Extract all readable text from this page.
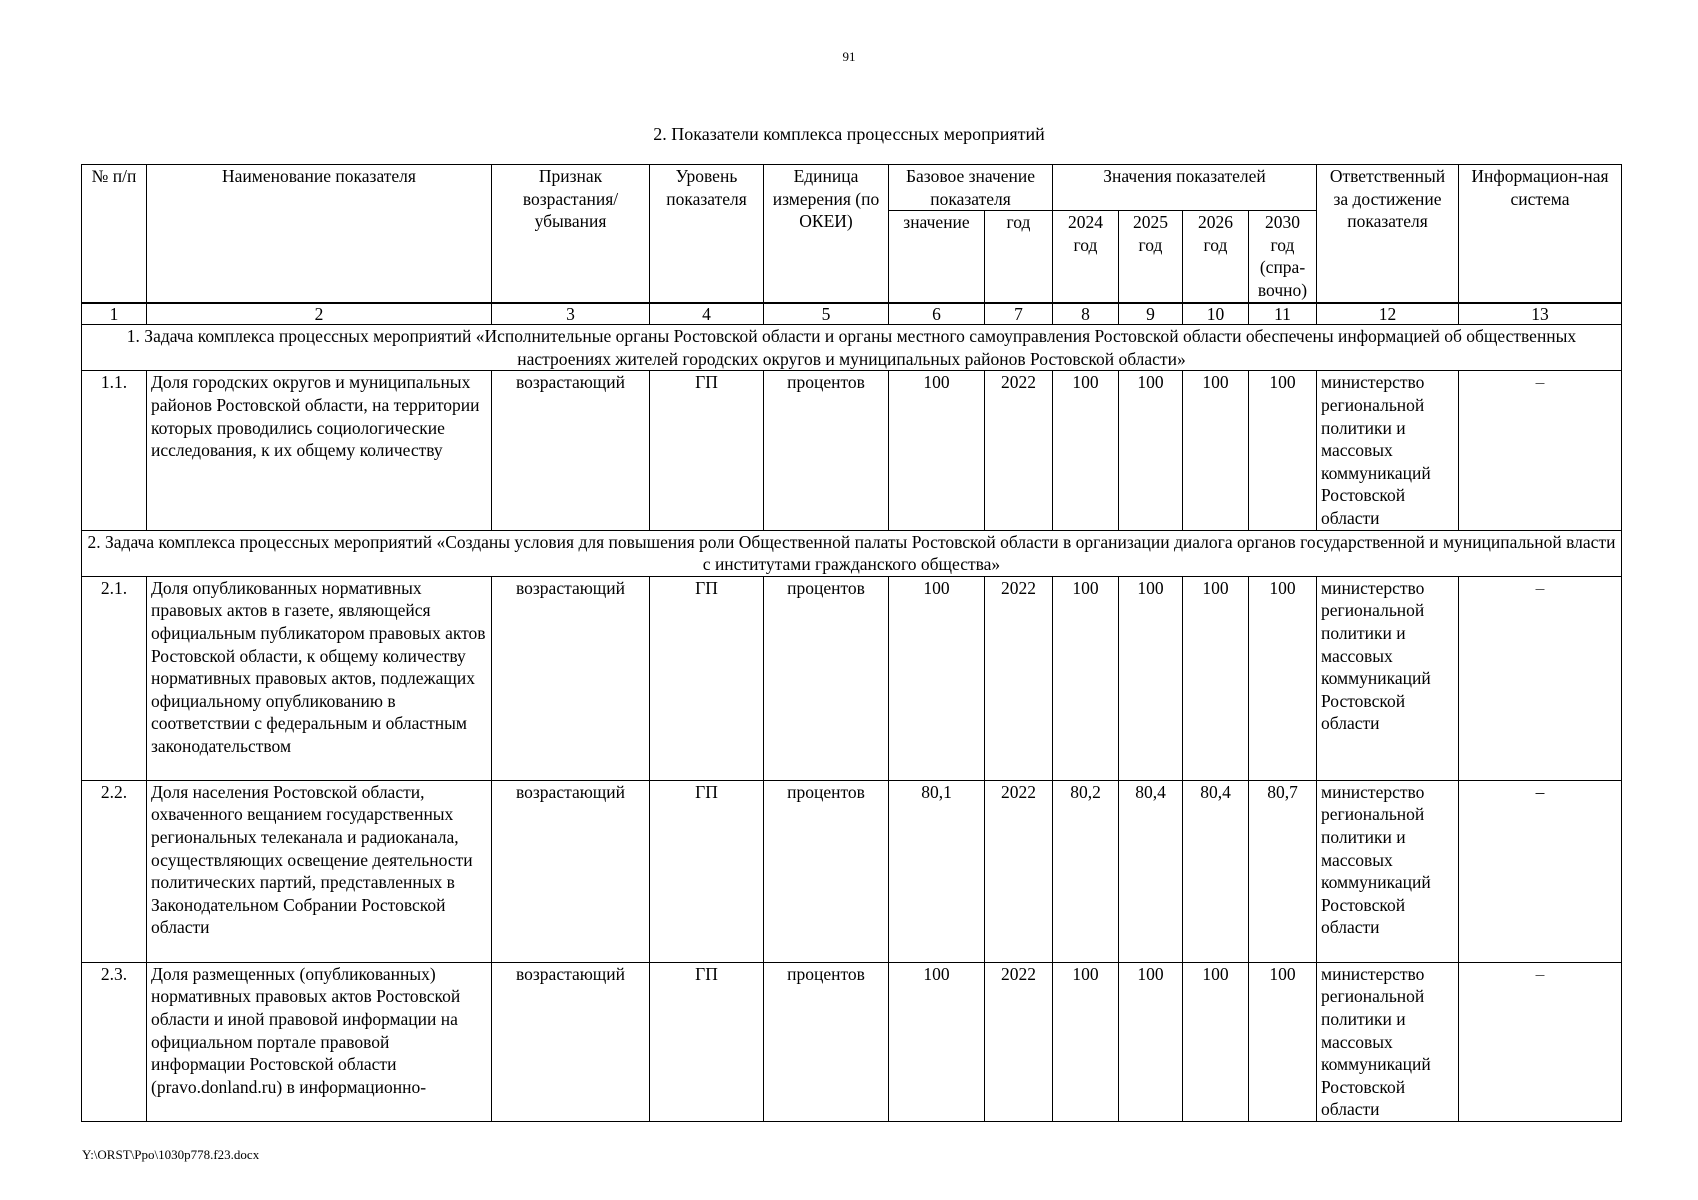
91
2. Показатели комплекса процессных мероприятий
№ п/п	Наименование показателя	Признак возрастания/ убывания	Уровень показателя	Единица измерения (по ОКЕИ)	Базовое значение показателя		Значения показателей				Ответственный за достижение показателя	Информацион-ная система
					значение	год	2024 год	2025 год	2026 год	2030 год (спра-вочно)		
1	2	3	4	5	6	7	8	9	10	11	12	13
1. Задача комплекса процессных мероприятий «Исполнительные органы Ростовской области и органы местного самоуправления Ростовской области обеспечены информацией об общественных настроениях жителей городских округов и муниципальных районов Ростовской области»												
1.1.	Доля городских округов и муниципальных районов Ростовской области, на территории которых проводились социологические исследования, к их общему количеству	возрастающий	ГП	процентов	100	2022	100	100	100	100	министерство региональной политики и массовых коммуникаций Ростовской области	–
2. Задача комплекса процессных мероприятий «Созданы условия для повышения роли Общественной палаты Ростовской области в организации диалога органов государственной и муниципальной власти с институтами гражданского общества»												
2.1.	Доля опубликованных нормативных правовых актов в газете, являющейся официальным публикатором правовых актов Ростовской области, к общему количеству нормативных правовых актов, подлежащих официальному опубликованию в соответствии с федеральным и областным законодательством	возрастающий	ГП	процентов	100	2022	100	100	100	100	министерство региональной политики и массовых коммуникаций Ростовской области	–
2.2.	Доля населения Ростовской области, охваченного вещанием государственных региональных телеканала и радиоканала, осуществляющих освещение деятельности политических партий, представленных в Законодательном Собрании Ростовской области	возрастающий	ГП	процентов	80,1	2022	80,2	80,4	80,4	80,7	министерство региональной политики и массовых коммуникаций Ростовской области	–
2.3.	Доля размещенных (опубликованных) нормативных правовых актов Ростовской области и иной правовой информации на официальном портале правовой информации Ростовской области (pravo.donland.ru) в информационно-	возрастающий	ГП	процентов	100	2022	100	100	100	100	министерство региональной политики и массовых коммуникаций Ростовской области	–
Y:\ORST\Ppo\1030p778.f23.docx
